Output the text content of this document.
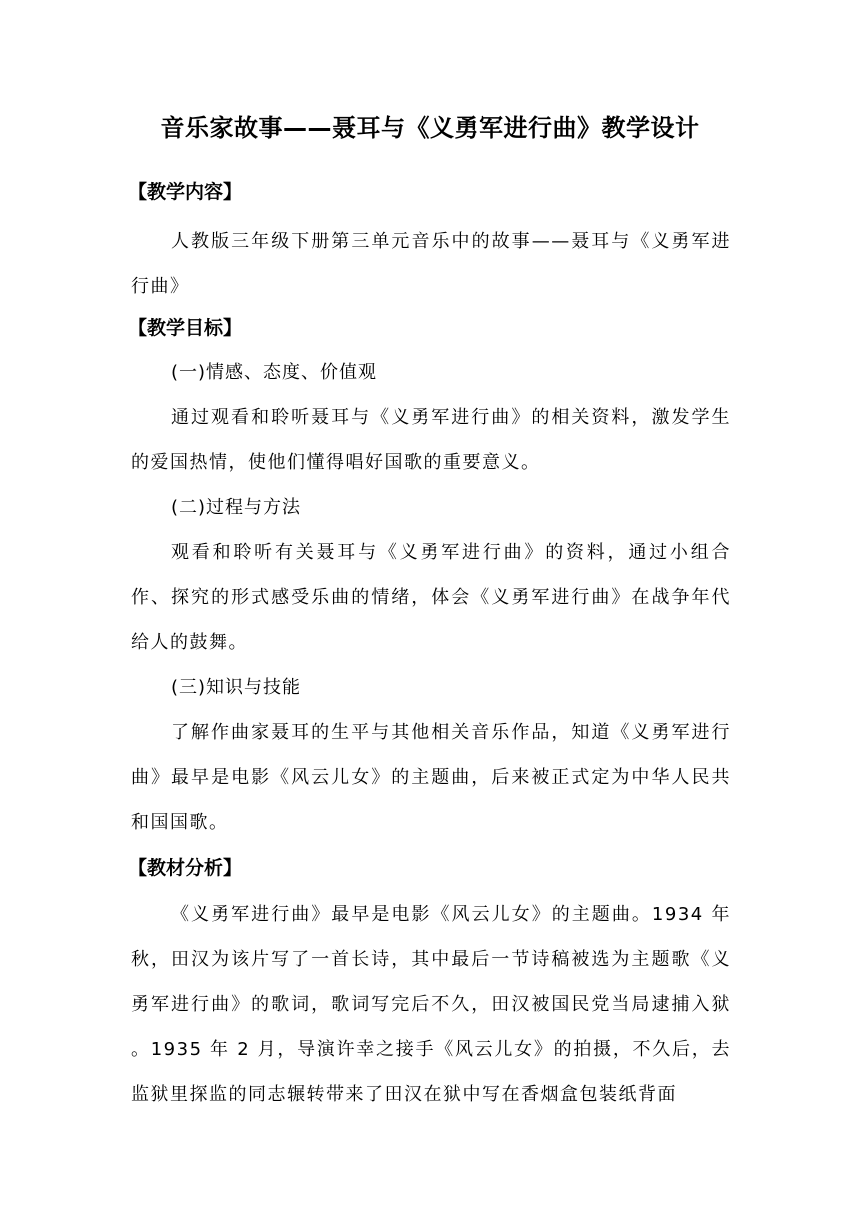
音乐家故事——聂耳与《义勇军进行曲》教学设计
【教学内容】

人教版三年级下册第三单元音乐中的故事——聂耳与《义勇军进行曲》

【教学目标】
(一)情感、态度、价值观

通过观看和聆听聂耳与《义勇军进行曲》的相关资料，激发学生的爱国热情，使他们懂得唱好国歌的重要意义。

(二)过程与方法

观看和聆听有关聂耳与《义勇军进行曲》的资料，通过小组合作、探究的形式感受乐曲的情绪，体会《义勇军进行曲》在战争年代给人的鼓舞。

(三)知识与技能

了解作曲家聂耳的生平与其他相关音乐作品，知道《义勇军进行曲》最早是电影《风云儿女》的主题曲，后来被正式定为中华人民共和国国歌。

【教材分析】

《义勇军进行曲》最早是电影《风云儿女》的主题曲。1934 年秋，田汉为该片写了一首长诗，其中最后一节诗稿被选为主题歌《义勇军进行曲》的歌词，歌词写完后不久，田汉被国民党当局逮捕入狱 。1935 年 2 月，导演许幸之接手《风云儿女》的拍摄，不久后，去监狱里探监的同志辗转带来了田汉在狱中写在香烟盒包装纸背面
